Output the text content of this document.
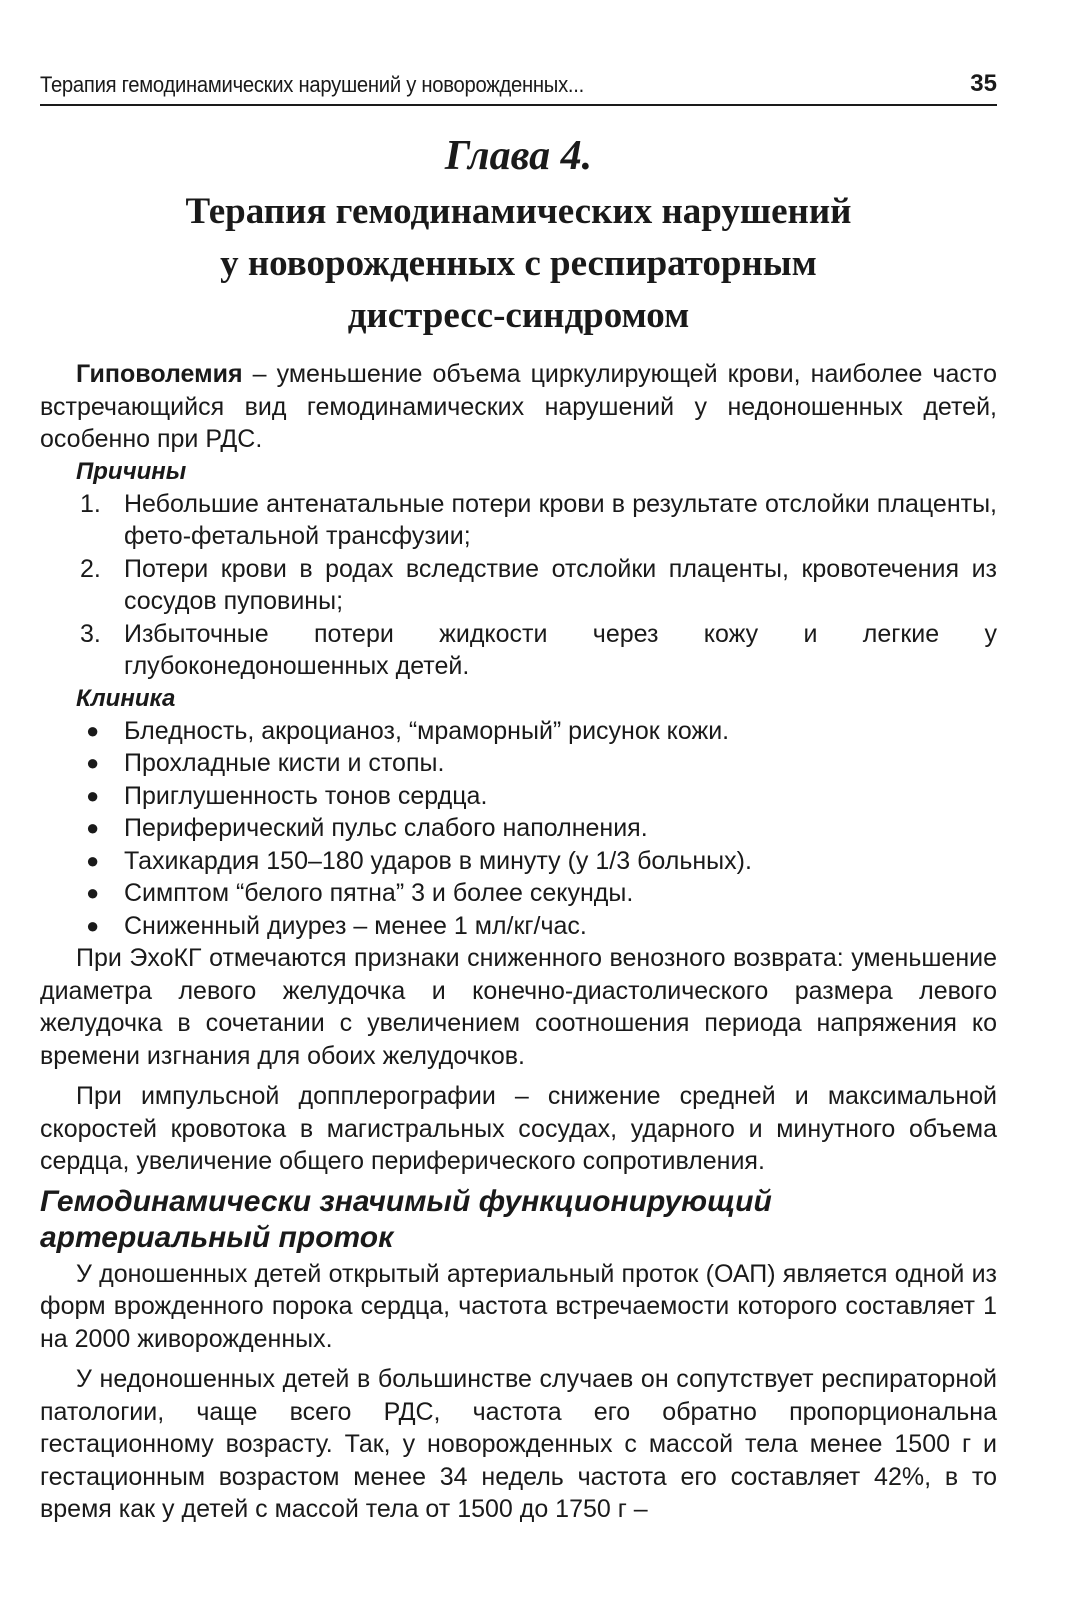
Терапия гемодинамических нарушений у новорожденных...	35
Глава 4.
Терапия гемодинамических нарушений
у новорожденных с респираторным
дистресс-синдромом

Гиповолемия – уменьшение объема циркулирующей крови, наиболее часто встречающийся вид гемодинамических нарушений у недоношенных детей, особенно при РДС.

Причины
1. Небольшие антенатальные потери крови в результате отслойки плаценты, фето-фетальной трансфузии;
2. Потери крови в родах вследствие отслойки плаценты, кровотечения из сосудов пуповины;
3. Избыточные потери жидкости через кожу и легкие у глубоконедоношенных детей.
Клиника
● Бледность, акроцианоз, “мраморный” рисунок кожи.
● Прохладные кисти и стопы.
● Приглушенность тонов сердца.
● Периферический пульс слабого наполнения.
● Тахикардия 150–180 ударов в минуту (у 1/3 больных).
● Симптом “белого пятна” 3 и более секунды.
● Сниженный диурез – менее 1 мл/кг/час.

При ЭхоКГ отмечаются признаки сниженного венозного возврата: уменьшение диаметра левого желудочка и конечно-диастолического размера левого желудочка в сочетании с увеличением соотношения периода напряжения ко времени изгнания для обоих желудочков.

При импульсной допплерографии – снижение средней и максимальной скоростей кровотока в магистральных сосудах, ударного и минутного объема сердца, увеличение общего периферического сопротивления.

Гемодинамически значимый функционирующий
артериальный проток

У доношенных детей открытый артериальный проток (ОАП) является одной из форм врожденного порока сердца, частота встречаемости которого составляет 1 на 2000 живорожденных.

У недоношенных детей в большинстве случаев он сопутствует респираторной патологии, чаще всего РДС, частота его обратно пропорциональна гестационному возрасту. Так, у новорожденных с массой тела менее 1500 г и гестационным возрастом менее 34 недель частота его составляет 42%, в то время как у детей с массой тела от 1500 до 1750 г –
